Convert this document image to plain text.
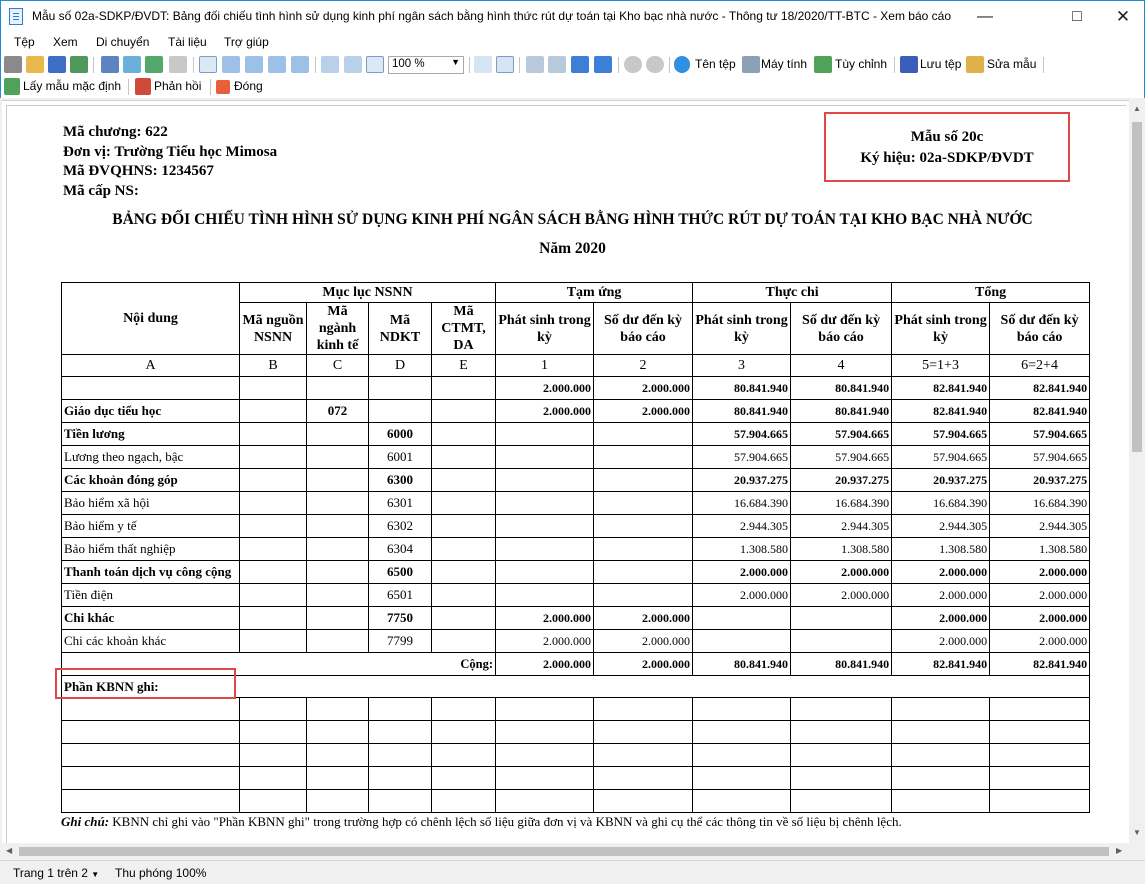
Mẫu số 02a-SDKP/ĐVDT: Bảng đối chiếu tình hình sử dụng kinh phí ngân sách bằng hình thức rút dự toán tại Kho bạc nhà nước - Thông tư 18/2020/TT-BTC - Xem báo cáo	—	□	✕
Tệp Xem Di chuyển Tài liệu Trợ giúp
100 %	▼	Tên tệp Máy tính Tùy chỉnh	Lưu tệp Sửa mẫu
Lấy mẫu mặc định	Phản hồi	Đóng
Mã chương: 622
Đơn vị: Trường Tiểu học Mimosa
Mã ĐVQHNS: 1234567
Mã cấp NS:
Mẫu số 20c
Ký hiệu: 02a-SDKP/ĐVDT
BẢNG ĐỐI CHIẾU TÌNH HÌNH SỬ DỤNG KINH PHÍ NGÂN SÁCH BẰNG HÌNH THỨC RÚT DỰ TOÁN TẠI KHO BẠC NHÀ NƯỚC
Năm 2020
Nội dung	Mục lục NSNN				Tạm ứng		Thực chi		Tổng	
	Mã nguồn NSNN	Mã ngành kinh tế	Mã NDKT	Mã CTMT, DA	Phát sinh trong kỳ	Số dư đến kỳ báo cáo	Phát sinh trong kỳ	Số dư đến kỳ báo cáo	Phát sinh trong kỳ	Số dư đến kỳ báo cáo
A	B	C	D	E	1	2	3	4	5=1+3	6=2+4
					2.000.000	2.000.000	80.841.940	80.841.940	82.841.940	82.841.940
Giáo dục tiểu học		072			2.000.000	2.000.000	80.841.940	80.841.940	82.841.940	82.841.940
Tiền lương			6000				57.904.665	57.904.665	57.904.665	57.904.665
Lương theo ngạch, bậc			6001				57.904.665	57.904.665	57.904.665	57.904.665
Các khoản đóng góp			6300				20.937.275	20.937.275	20.937.275	20.937.275
Bảo hiểm xã hội			6301				16.684.390	16.684.390	16.684.390	16.684.390
Bảo hiểm y tế			6302				2.944.305	2.944.305	2.944.305	2.944.305
Bảo hiểm thất nghiệp			6304				1.308.580	1.308.580	1.308.580	1.308.580
Thanh toán dịch vụ công cộng			6500				2.000.000	2.000.000	2.000.000	2.000.000
Tiền điện			6501				2.000.000	2.000.000	2.000.000	2.000.000
Chi khác			7750		2.000.000	2.000.000			2.000.000	2.000.000
Chi các khoản khác			7799		2.000.000	2.000.000			2.000.000	2.000.000
Cộng:					2.000.000	2.000.000	80.841.940	80.841.940	82.841.940	82.841.940
Phần KBNN ghi:										

Ghi chú: KBNN chỉ ghi vào "Phần KBNN ghi" trong trường hợp có chênh lệch số liệu giữa đơn vị và KBNN và ghi cụ thể các thông tin về số liệu bị chênh lệch.
▲
▼
◀	▶
Trang 1 trên 2 ▼ Thu phóng 100%
